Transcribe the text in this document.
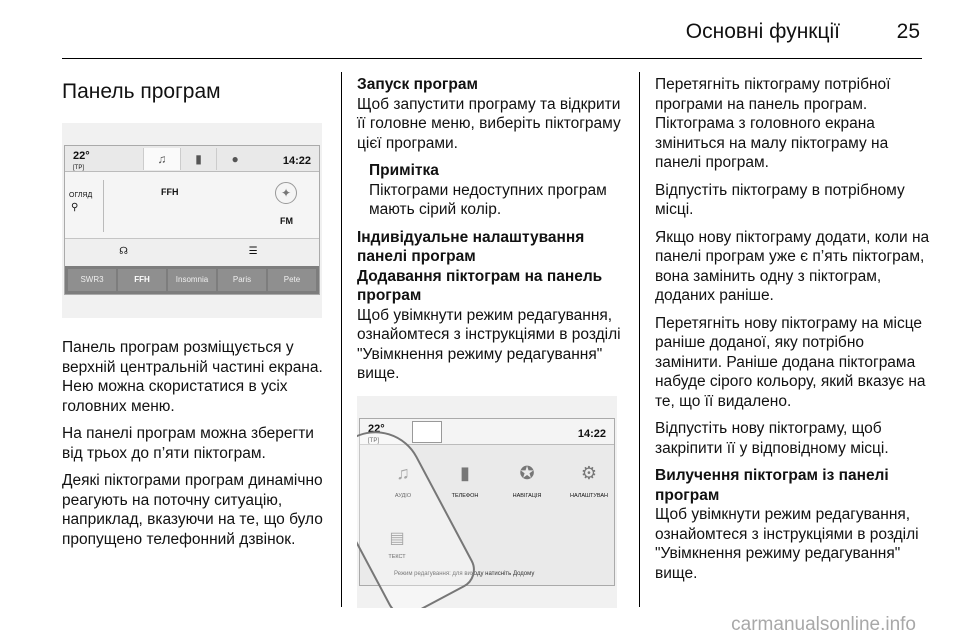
Основні функції	25
Панель програм
22°
[TP]
♫	▮	●	14:22
ОГЛЯД
⚲
FFH	✦
FM
☊	☰
SWR3	FFH	Insomnia	Paris	Pete
Панель програм розміщується у верхній центральній частині екрана. Нею можна скористатися в усіх головних меню.
На панелі програм можна зберегти від трьох до п’яти піктограм.
Деякі піктограми програм динамічно реагують на поточну ситуацію, наприклад, вказуючи на те, що було пропущено телефонний дзвінок.
Запуск програм
Щоб запустити програму та відкрити її головне меню, виберіть піктограму цієї програми.
Примітка
Піктограми недоступних програм мають сірий колір.
Індивідуальне налаштування панелі програм
Додавання піктограм на панель програм
Щоб увімкнути режим редагування, ознайомтеся з інструкціями в розділі "Увімкнення режиму редагування" вище.
22°
[TP]
14:22
♫
АУДІО
▮
ТЕЛЕФОН
✪
НАВІГАЦІЯ
⚙
НАЛАШТУВАН
▤
ТЕКСТ
Режим редагування: для виходу натисніть Додому
Перетягніть піктограму потрібної програми на панель програм. Піктограма з головного екрана зміниться на малу піктограму на панелі програм.
Відпустіть піктограму в потрібному місці.
Якщо нову піктограму додати, коли на панелі програм уже є п’ять піктограм, вона замінить одну з піктограм, доданих раніше.
Перетягніть нову піктограму на місце раніше доданої, яку потрібно замінити. Раніше додана піктограма набуде сірого кольору, який вказує на те, що її видалено.
Відпустіть нову піктограму, щоб закріпити її у відповідному місці.
Вилучення піктограм із панелі програм
Щоб увімкнути режим редагування, ознайомтеся з інструкціями в розділі "Увімкнення режиму редагування" вище.
carmanualsonline.info
